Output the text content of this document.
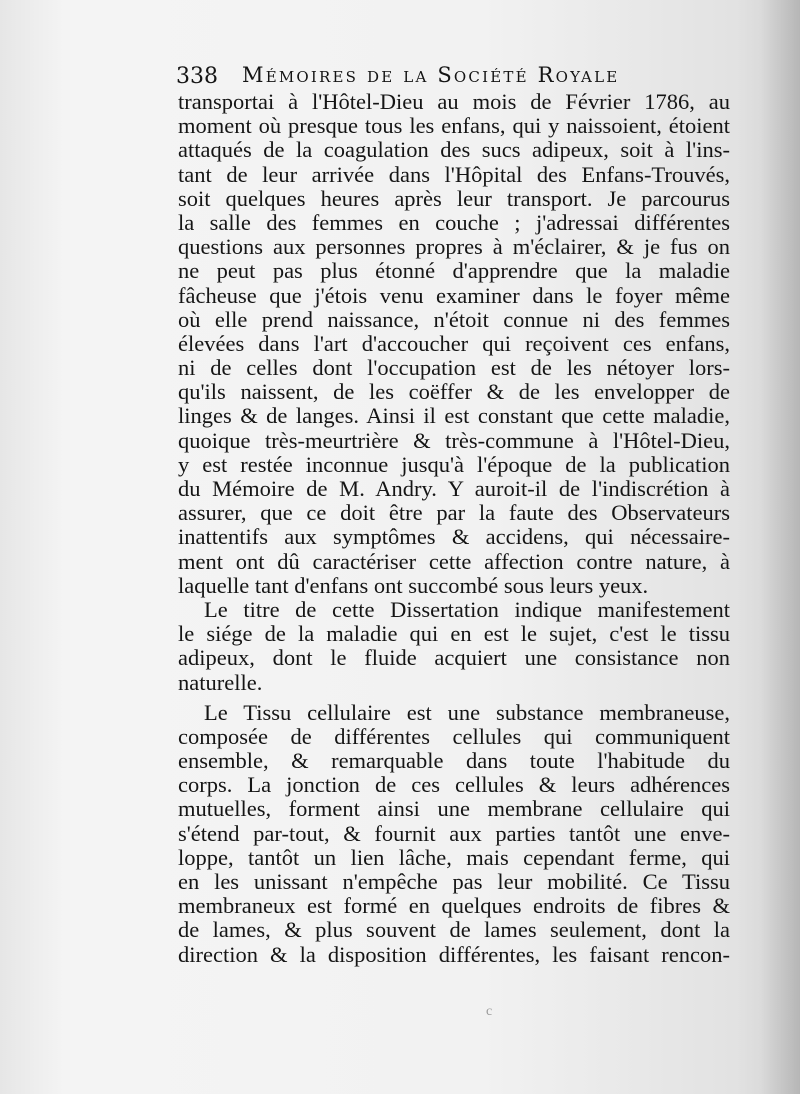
338 Mémoires de la Société Royale
transportai à l'Hôtel-Dieu au mois de Février 1786, au
moment où presque tous les enfans, qui y naissoient, étoient
attaqués de la coagulation des sucs adipeux, soit à l'ins-
tant de leur arrivée dans l'Hôpital des Enfans-Trouvés,
soit quelques heures après leur transport. Je parcourus
la salle des femmes en couche ; j'adressai différentes
questions aux personnes propres à m'éclairer, & je fus on
ne peut pas plus étonné d'apprendre que la maladie
fâcheuse que j'étois venu examiner dans le foyer même
où elle prend naissance, n'étoit connue ni des femmes
élevées dans l'art d'accoucher qui reçoivent ces enfans,
ni de celles dont l'occupation est de les nétoyer lors-
qu'ils naissent, de les coëffer & de les envelopper de
linges & de langes. Ainsi il est constant que cette maladie,
quoique très-meurtrière & très-commune à l'Hôtel-Dieu,
y est restée inconnue jusqu'à l'époque de la publication
du Mémoire de M. Andry. Y auroit-il de l'indiscrétion à
assurer, que ce doit être par la faute des Observateurs
inattentifs aux symptômes & accidens, qui nécessaire-
ment ont dû caractériser cette affection contre nature, à
laquelle tant d'enfans ont succombé sous leurs yeux.
Le titre de cette Dissertation indique manifestement
le siége de la maladie qui en est le sujet, c'est le tissu
adipeux, dont le fluide acquiert une consistance non
naturelle.
Le Tissu cellulaire est une substance membraneuse,
composée de différentes cellules qui communiquent
ensemble, & remarquable dans toute l'habitude du
corps. La jonction de ces cellules & leurs adhérences
mutuelles, forment ainsi une membrane cellulaire qui
s'étend par-tout, & fournit aux parties tantôt une enve-
loppe, tantôt un lien lâche, mais cependant ferme, qui
en les unissant n'empêche pas leur mobilité. Ce Tissu
membraneux est formé en quelques endroits de fibres &
de lames, & plus souvent de lames seulement, dont la
direction & la disposition différentes, les faisant rencon-
c
